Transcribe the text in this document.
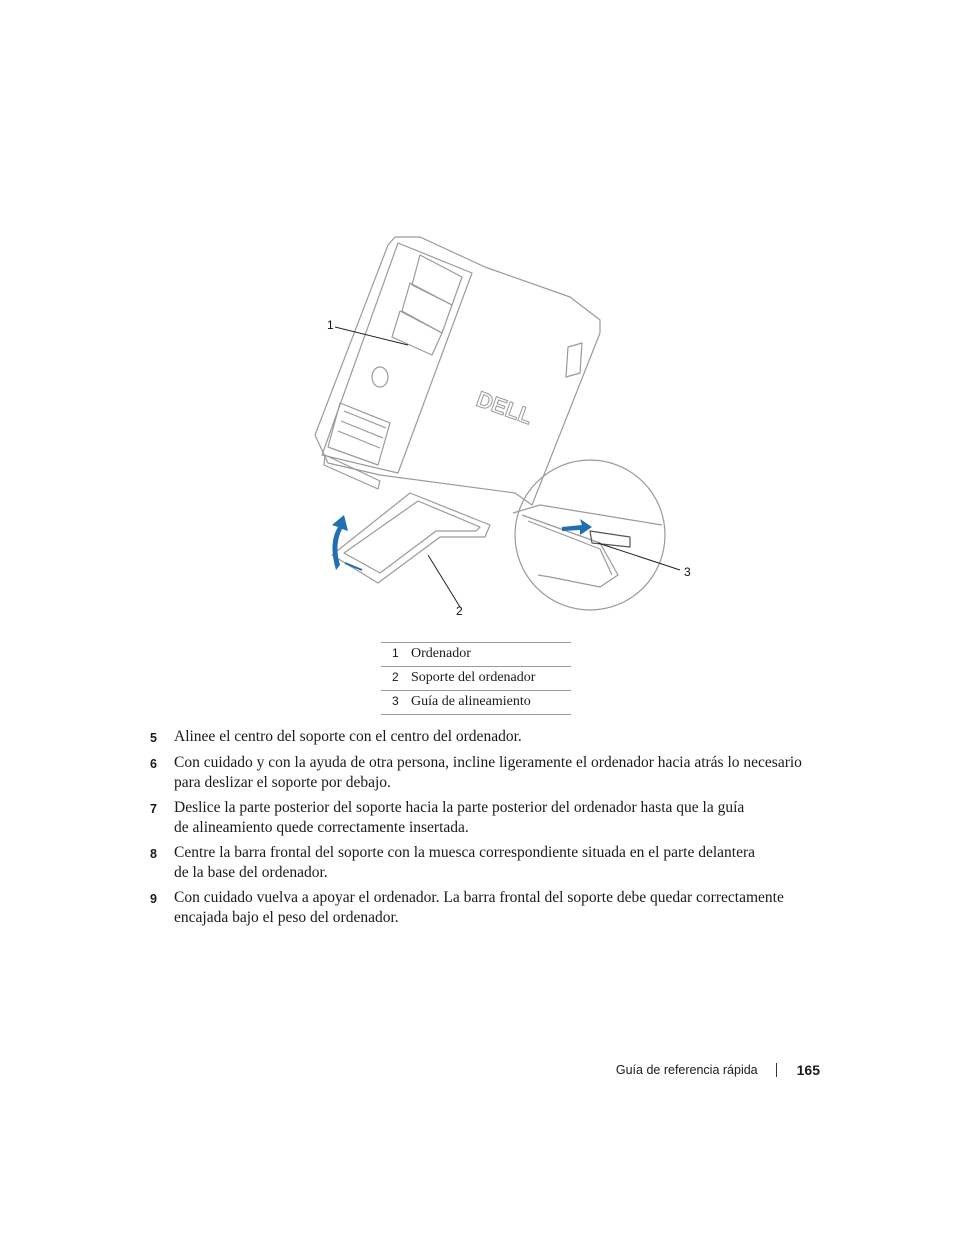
DELL
1
2
3
1	Ordenador
2	Soporte del ordenador
3	Guía de alineamiento
5	Alinee el centro del soporte con el centro del ordenador.
6	Con cuidado y con la ayuda de otra persona, incline ligeramente el ordenador hacia atrás lo necesario
para deslizar el soporte por debajo.
7	Deslice la parte posterior del soporte hacia la parte posterior del ordenador hasta que la guía
de alineamiento quede correctamente insertada.
8	Centre la barra frontal del soporte con la muesca correspondiente situada en el parte delantera
de la base del ordenador.
9	Con cuidado vuelva a apoyar el ordenador. La barra frontal del soporte debe quedar correctamente
encajada bajo el peso del ordenador.
Guía de referencia rápida	165
